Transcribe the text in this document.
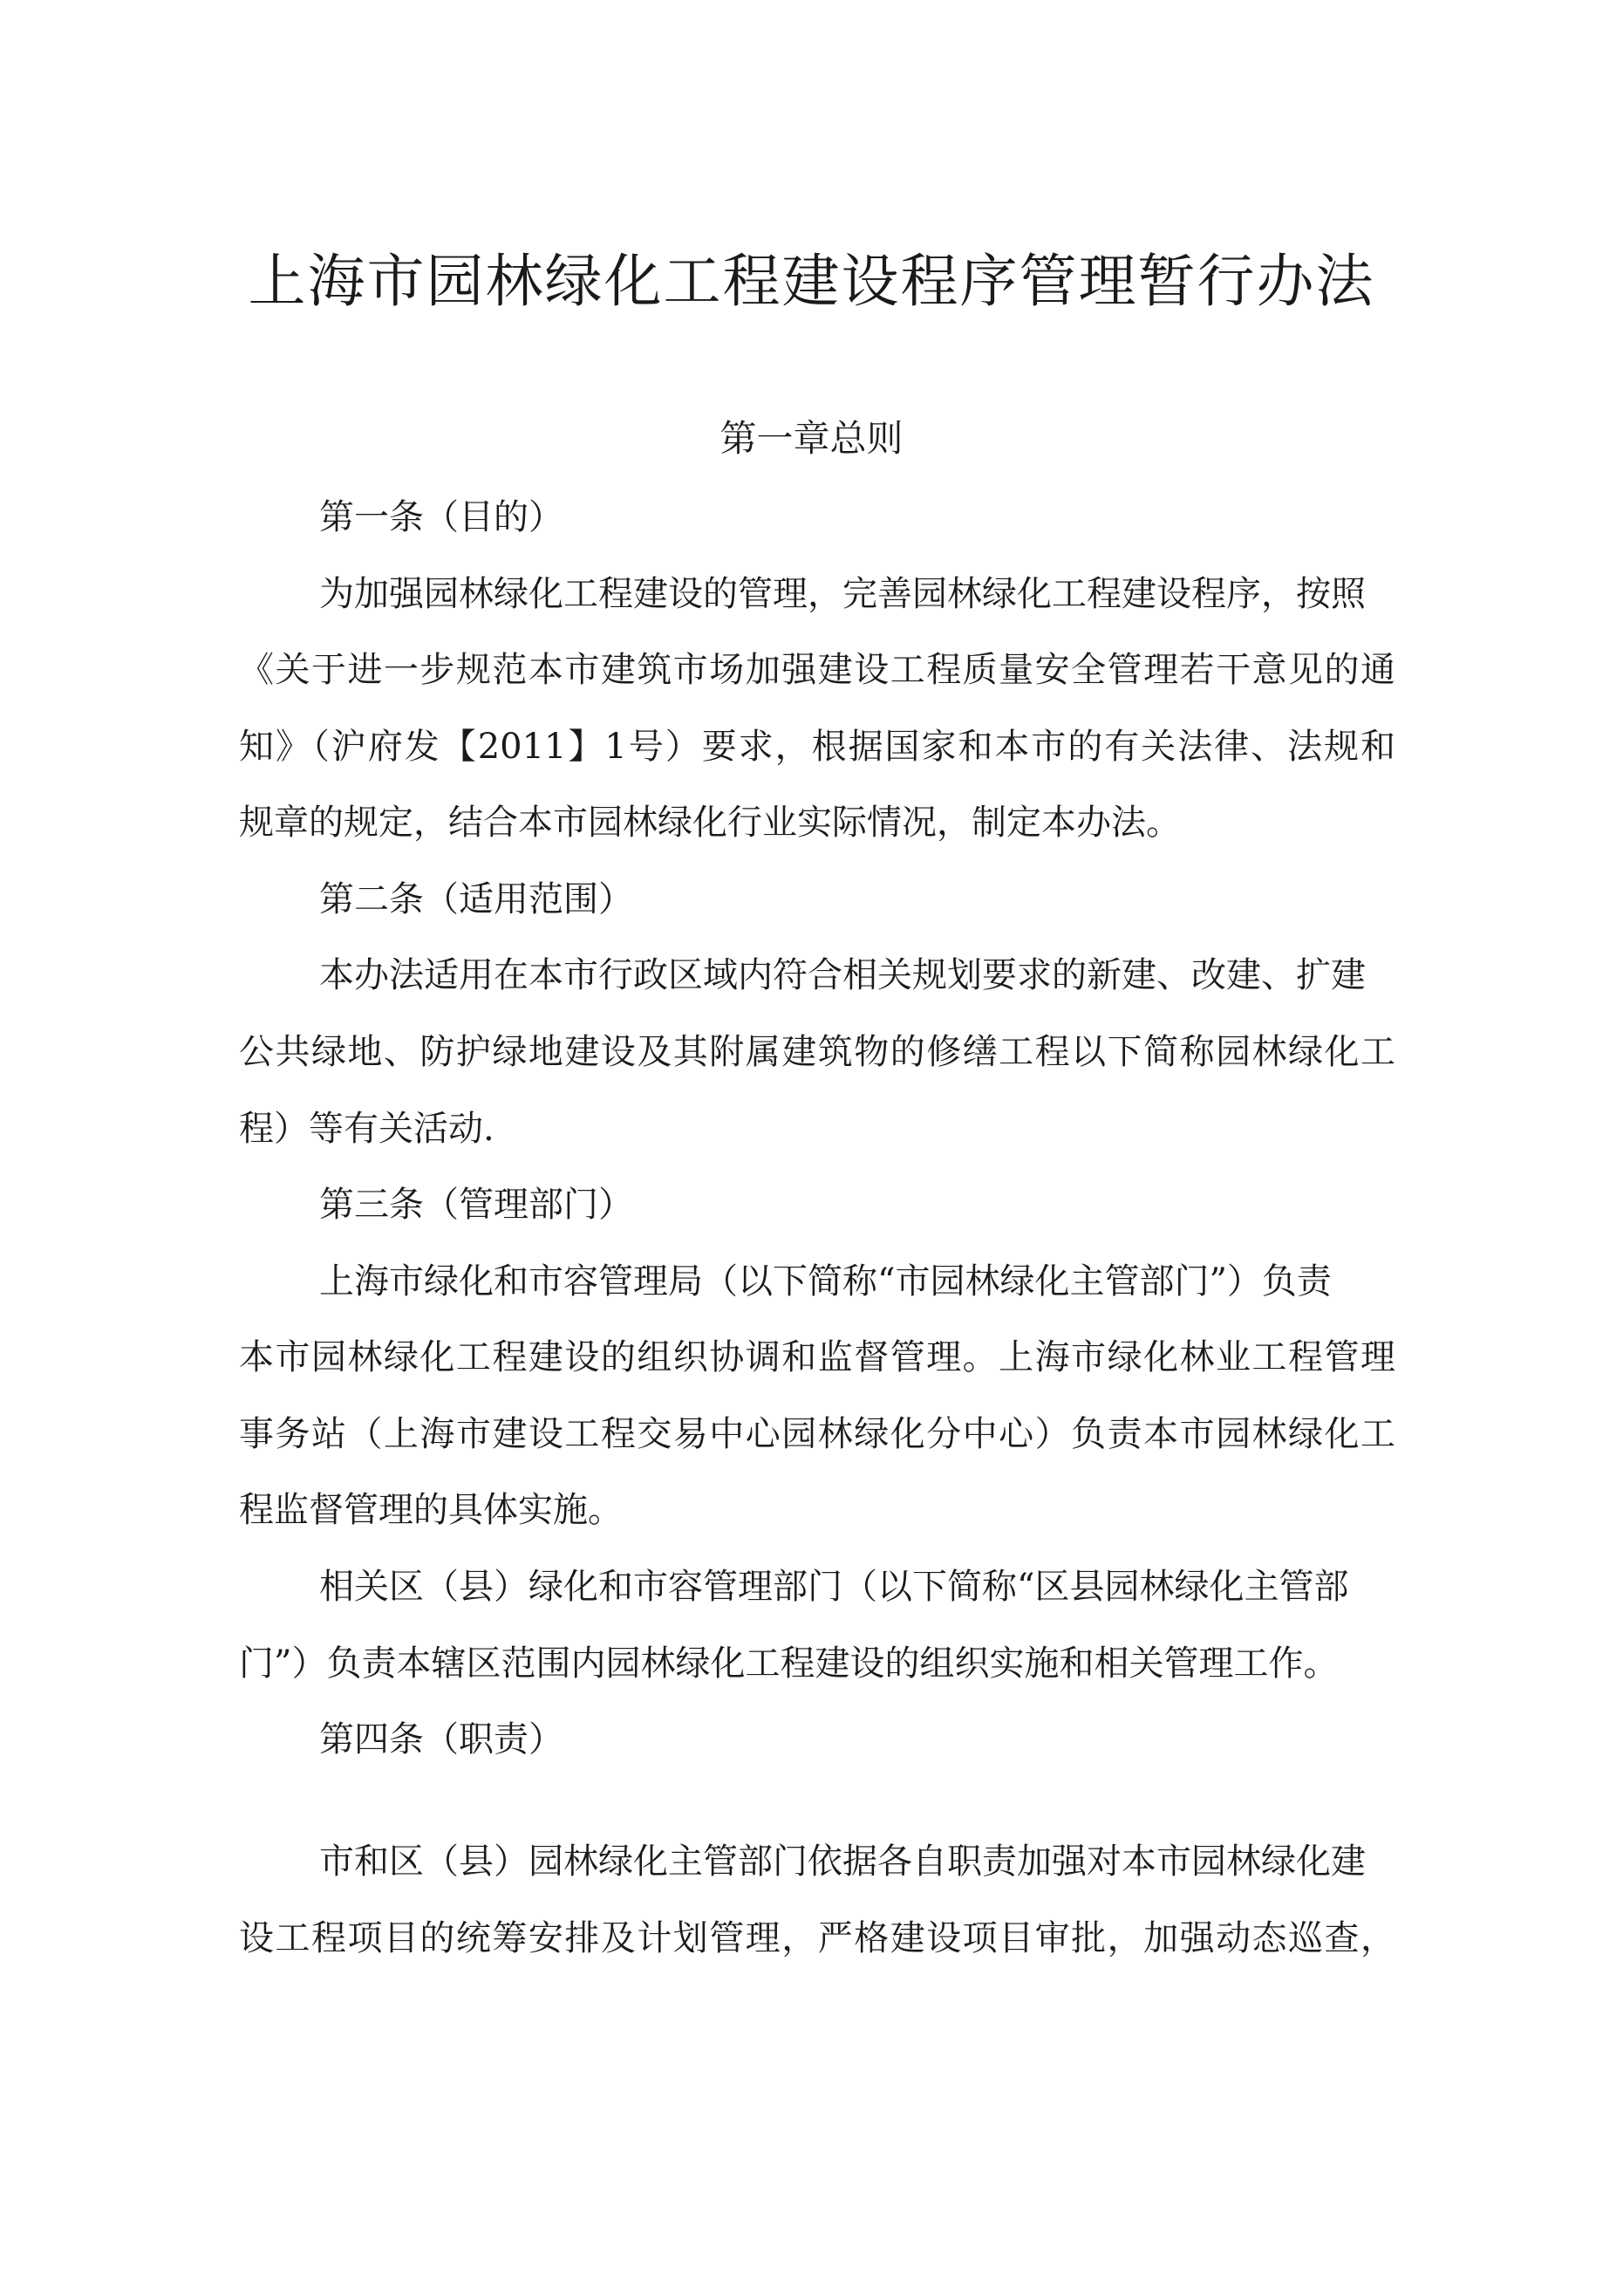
上海市园林绿化工程建设程序管理暂行办法
第一章总则

第一条（目的）

为加强园林绿化工程建设的管理，完善园林绿化工程建设程序，按照

《关于进一步规范本市建筑市场加强建设工程质量安全管理若干意见的通

知》（沪府发【2011】1号）要求，根据国家和本市的有关法律、法规和

规章的规定，结合本市园林绿化行业实际情况，制定本办法。

第二条（适用范围）

本办法适用在本市行政区域内符合相关规划要求的新建、改建、扩建

公共绿地、防护绿地建设及其附属建筑物的修缮工程以下简称园林绿化工

程）等有关活动.

第三条（管理部门）

上海市绿化和市容管理局（以下简称“市园林绿化主管部门”）负责

本市园林绿化工程建设的组织协调和监督管理。上海市绿化林业工程管理

事务站（上海市建设工程交易中心园林绿化分中心）负责本市园林绿化工

程监督管理的具体实施。

相关区（县）绿化和市容管理部门（以下简称“区县园林绿化主管部

门”）负责本辖区范围内园林绿化工程建设的组织实施和相关管理工作。

第四条（职责）

市和区（县）园林绿化主管部门依据各自职责加强对本市园林绿化建

设工程项目的统筹安排及计划管理，严格建设项目审批，加强动态巡查，
